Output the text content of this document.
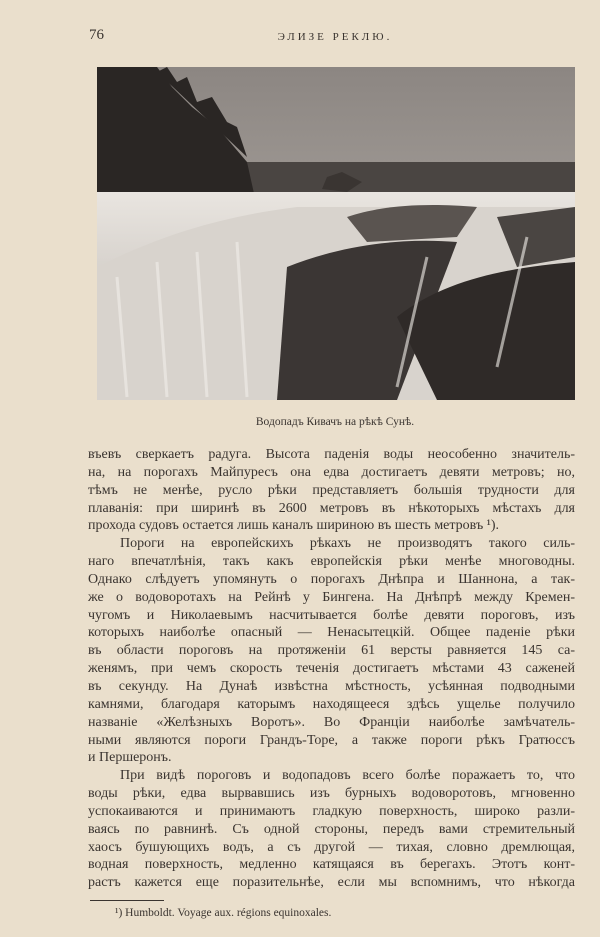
76	ЭЛИЗЕ РЕКЛЮ.
Водопадъ Кивачъ на рѣкѣ Сунѣ.
въевъ сверкаетъ радуга. Высота паденія воды неособенно значитель-
на, на порогахъ Майпуресъ она едва достигаетъ девяти метровъ; но,
тѣмъ не менѣе, русло рѣки представляетъ большія трудности для
плаванія: при ширинѣ въ 2600 метровъ въ нѣкоторыхъ мѣстахъ для
прохода судовъ остается лишь каналъ шириною въ шесть метровъ ¹).
Пороги на европейскихъ рѣкахъ не производятъ такого силь-
наго впечатлѣнія, такъ какъ европейскія рѣки менѣе многоводны.
Однако слѣдуетъ упомянуть о порогахъ Днѣпра и Шаннона, а так-
же о водоворотахъ на Рейнѣ у Бингена. На Днѣпрѣ между Кремен-
чугомъ и Николаевымъ насчитывается болѣе девяти пороговъ, изъ
которыхъ наиболѣе опасный — Ненасытецкій. Общее паденіе рѣки
въ области пороговъ на протяженіи 61 версты равняется 145 са-
женямъ, при чемъ скорость теченія достигаетъ мѣстами 43 саженей
въ секунду. На Дунаѣ извѣстна мѣстность, усѣянная подводными
камнями, благодаря каторымъ находящееся здѣсь ущелье получило
названіе «Желѣзныхъ Воротъ». Во Франціи наиболѣе замѣчатель-
ными являются пороги Грандъ-Торе, а также пороги рѣкъ Гратюссъ
и Першеронъ.
При видѣ пороговъ и водопадовъ всего болѣе поражаетъ то, что
воды рѣки, едва вырвавшись изъ бурныхъ водоворотовъ, мгновенно
успокаиваются и принимаютъ гладкую поверхность, широко разли-
ваясь по равнинѣ. Съ одной стороны, передъ вами стремительный
хаосъ бушующихъ водъ, а съ другой — тихая, словно дремлющая,
водная поверхность, медленно катящаяся въ берегахъ. Этотъ конт-
растъ кажется еще поразительнѣе, если мы вспомнимъ, что нѣкогда
¹) Humboldt. Voyage aux. régions equinoxales.
